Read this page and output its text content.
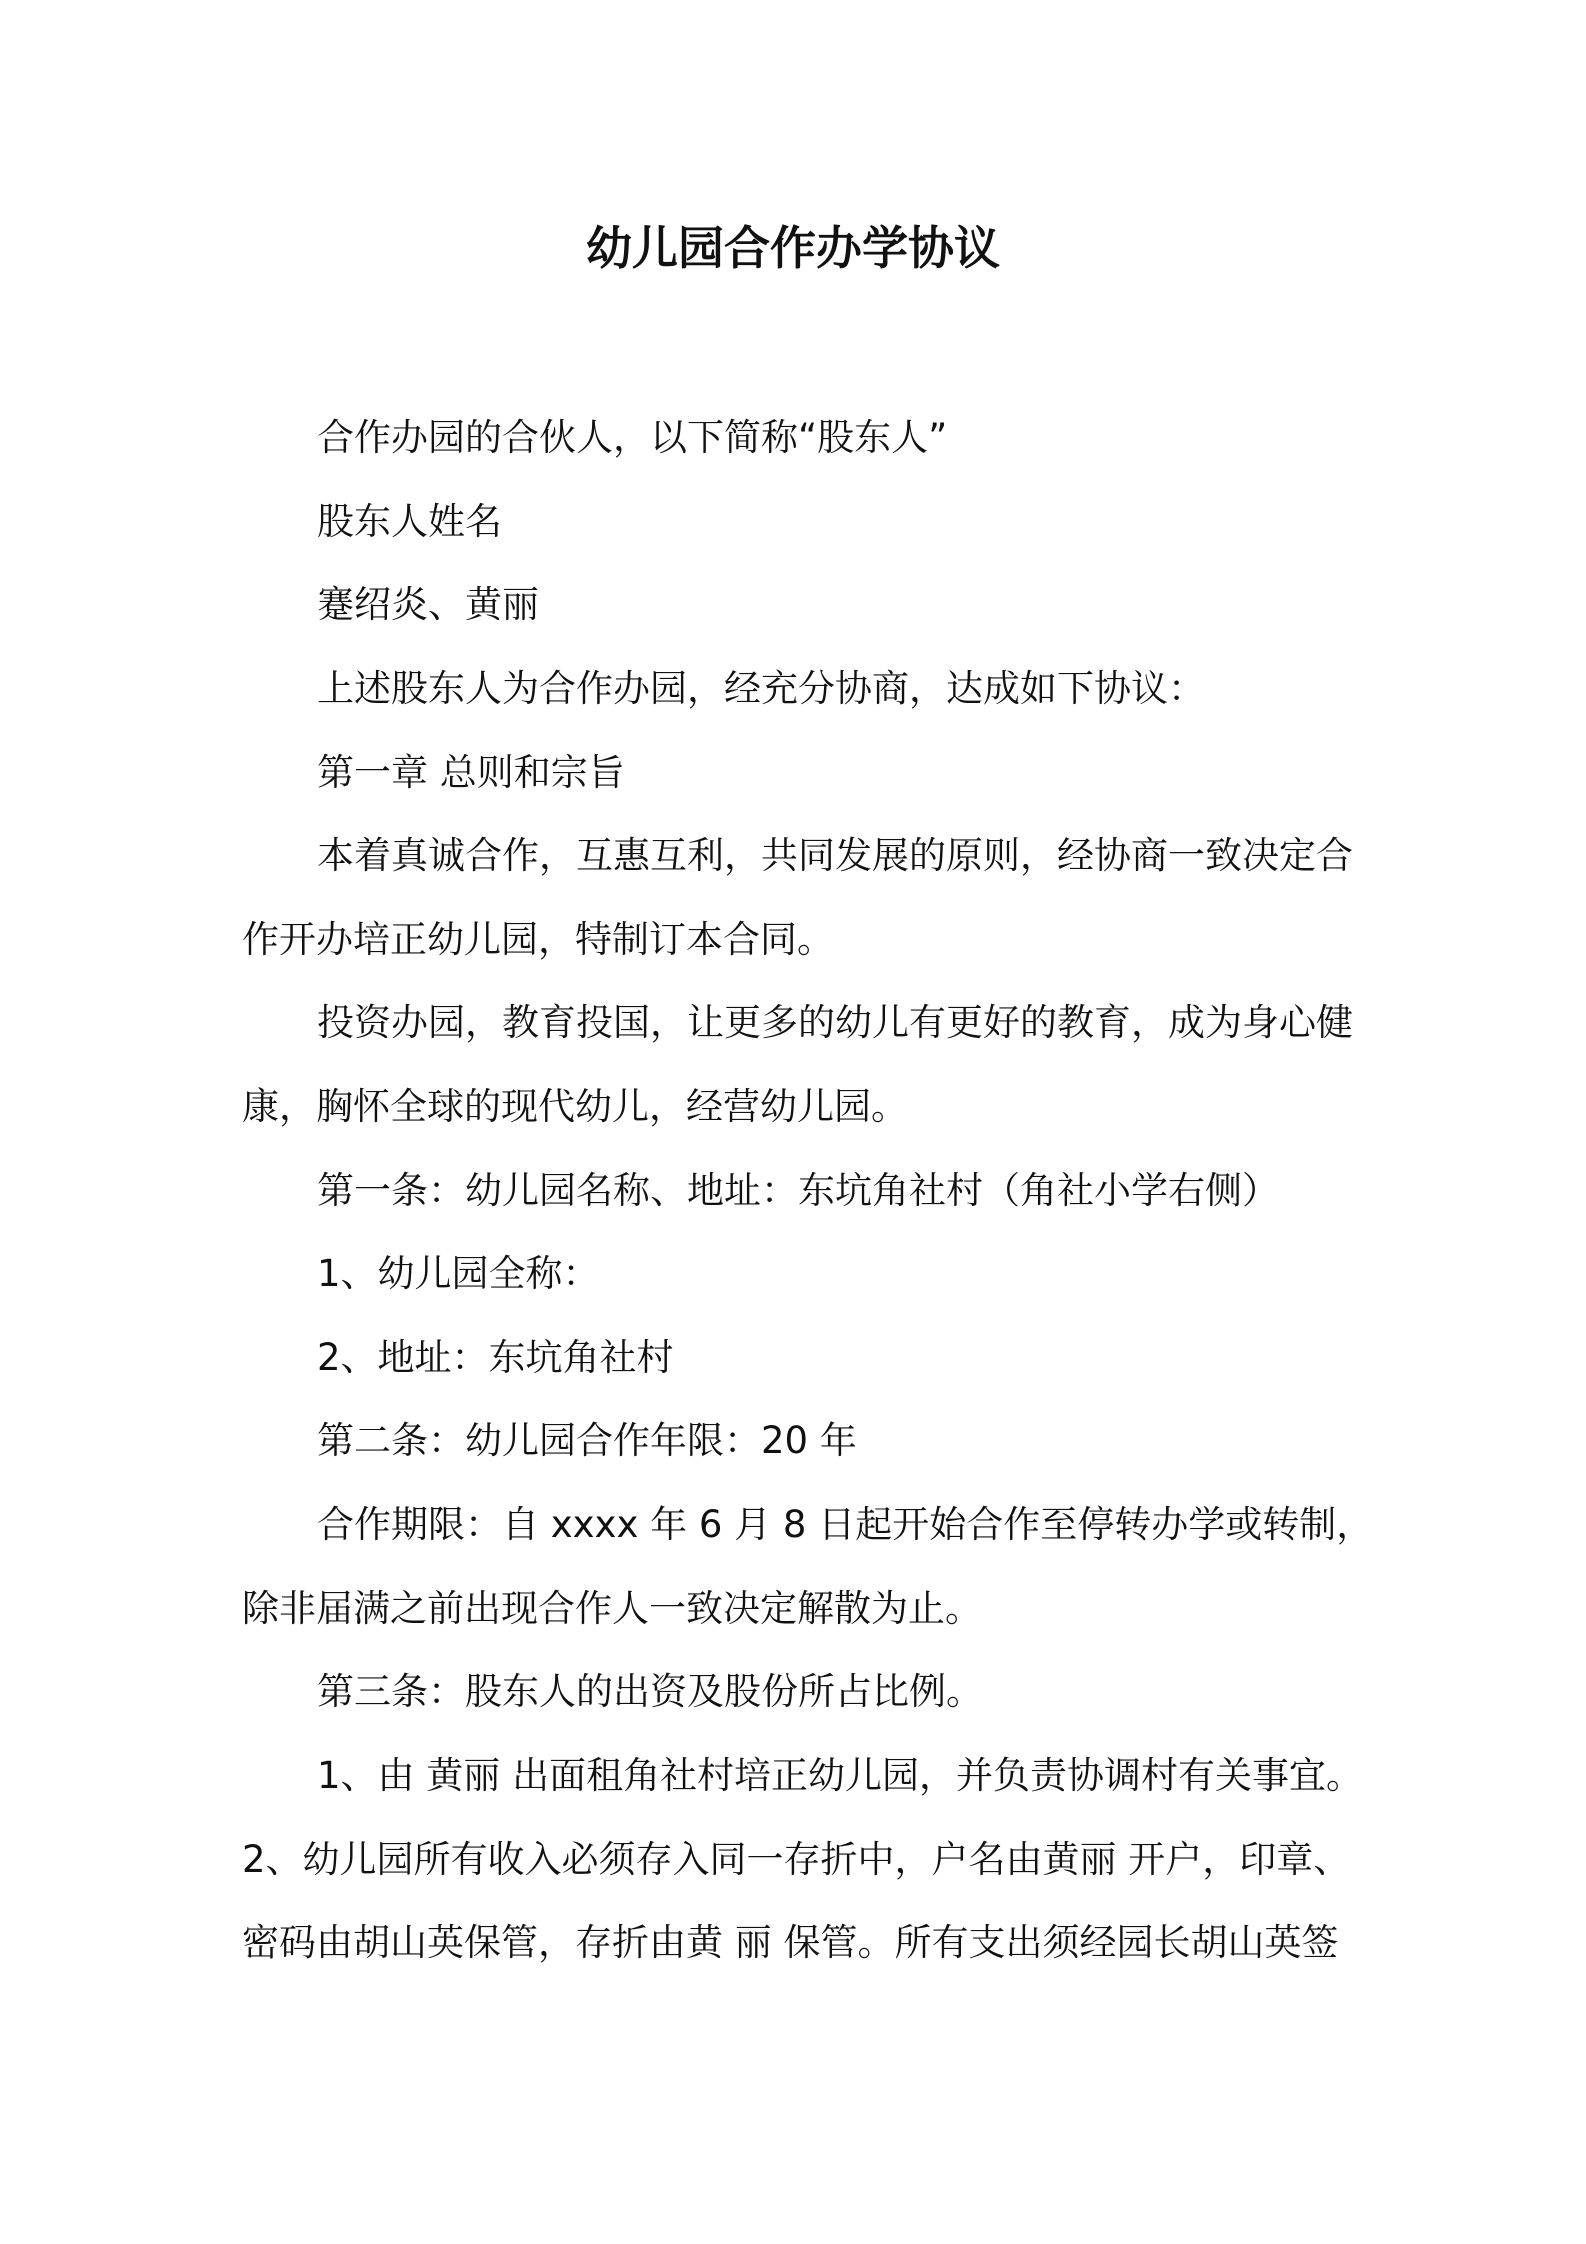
幼儿园合作办学协议
合作办园的合伙人，以下简称“股东人”
股东人姓名
蹇绍炎、黄丽
上述股东人为合作办园，经充分协商，达成如下协议：
第一章 总则和宗旨
本着真诚合作，互惠互利，共同发展的原则，经协商一致决定合
作开办培正幼儿园，特制订本合同。
投资办园，教育投国，让更多的幼儿有更好的教育，成为身心健
康，胸怀全球的现代幼儿，经营幼儿园。
第一条：幼儿园名称、地址：东坑角社村（角社小学右侧）
1、幼儿园全称：
2、地址：东坑角社村
第二条：幼儿园合作年限：20 年
合作期限：自 xxxx 年 6 月 8 日起开始合作至停转办学或转制，
除非届满之前出现合作人一致决定解散为止。
第三条：股东人的出资及股份所占比例。
1、由 黄丽 出面租角社村培正幼儿园，并负责协调村有关事宜。
2、幼儿园所有收入必须存入同一存折中，户名由黄丽 开户，印章、
密码由胡山英保管，存折由黄 丽 保管。所有支出须经园长胡山英签
